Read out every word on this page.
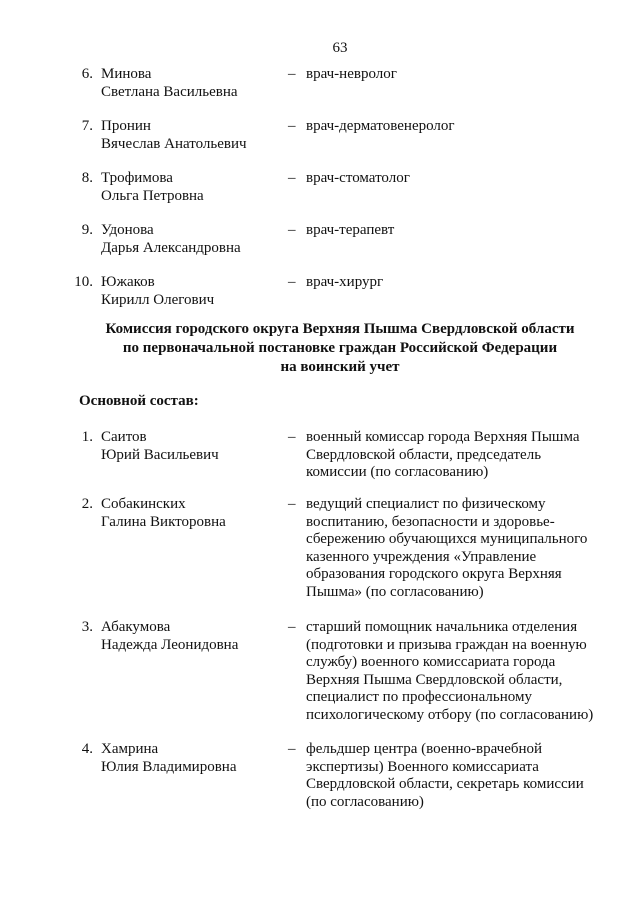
63
6. Минова
Светлана Васильевна
– врач-невролог
7. Пронин
Вячеслав Анатольевич
– врач-дерматовенеролог
8. Трофимова
Ольга Петровна
– врач-стоматолог
9. Удонова
Дарья Александровна
– врач-терапевт
10. Южаков
Кирилл Олегович
– врач-хирург
Комиссия городского округа Верхняя Пышма Свердловской области
по первоначальной постановке граждан Российской Федерации
на воинский учет
Основной состав:
1. Саитов
Юрий Васильевич
– военный комиссар города Верхняя Пышма
Свердловской области, председатель
комиссии (по согласованию)
2. Собакинских
Галина Викторовна
– ведущий специалист по физическому
воспитанию, безопасности и здоровье-
сбережению обучающихся муниципального
казенного учреждения «Управление
образования городского округа Верхняя
Пышма» (по согласованию)
3. Абакумова
Надежда Леонидовна
– старший помощник начальника отделения
(подготовки и призыва граждан на военную
службу) военного комиссариата города
Верхняя Пышма Свердловской области,
специалист по профессиональному
психологическому отбору (по согласованию)
4. Хамрина
Юлия Владимировна
– фельдшер центра (военно-врачебной
экспертизы) Военного комиссариата
Свердловской области, секретарь комиссии
(по согласованию)
